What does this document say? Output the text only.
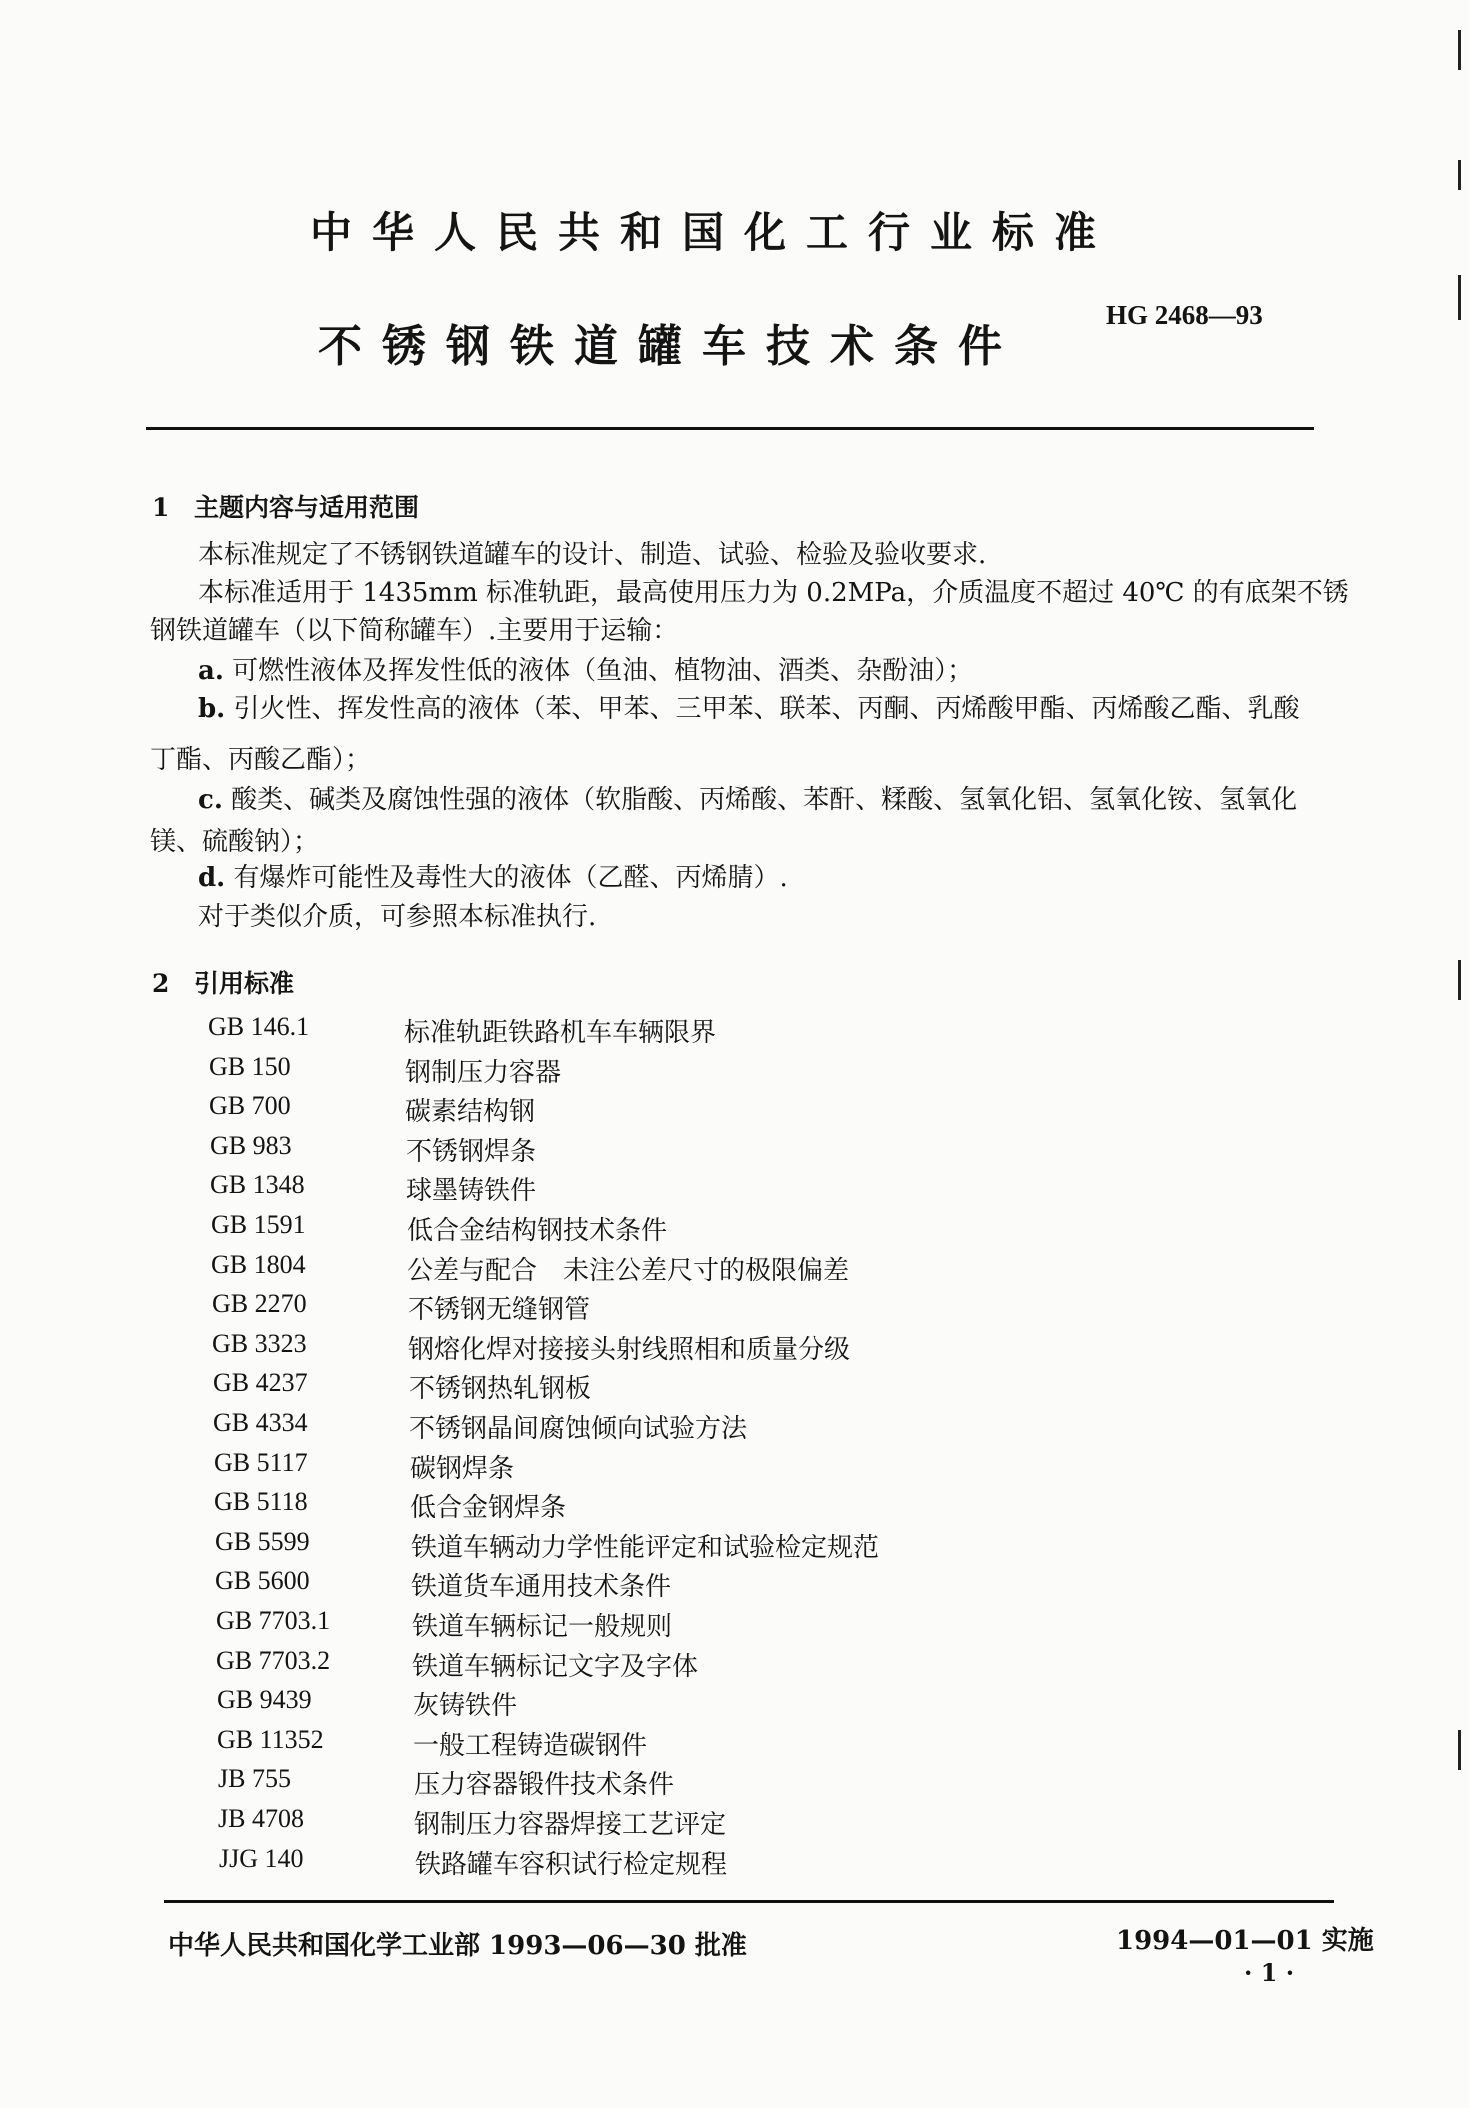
中华人民共和国化工行业标准
不锈钢铁道罐车技术条件
HG 2468—93
1 主题内容与适用范围
本标准规定了不锈钢铁道罐车的设计、制造、试验、检验及验收要求.
本标准适用于 1435mm 标准轨距，最高使用压力为 0.2MPa，介质温度不超过 40℃ 的有底架不锈
钢铁道罐车（以下简称罐车）.主要用于运输：
a. 可燃性液体及挥发性低的液体（鱼油、植物油、酒类、杂酚油）；
b. 引火性、挥发性高的液体（苯、甲苯、三甲苯、联苯、丙酮、丙烯酸甲酯、丙烯酸乙酯、乳酸
丁酯、丙酸乙酯）；
c. 酸类、碱类及腐蚀性强的液体（软脂酸、丙烯酸、苯酐、糅酸、氢氧化铝、氢氧化铵、氢氧化
镁、硫酸钠）；
d. 有爆炸可能性及毒性大的液体（乙醛、丙烯腈）.
对于类似介质，可参照本标准执行.
2 引用标准
GB 146.1	标准轨距铁路机车车辆限界
GB 150	钢制压力容器
GB 700	碳素结构钢
GB 983	不锈钢焊条
GB 1348	球墨铸铁件
GB 1591	低合金结构钢技术条件
GB 1804	公差与配合　未注公差尺寸的极限偏差
GB 2270	不锈钢无缝钢管
GB 3323	钢熔化焊对接接头射线照相和质量分级
GB 4237	不锈钢热轧钢板
GB 4334	不锈钢晶间腐蚀倾向试验方法
GB 5117	碳钢焊条
GB 5118	低合金钢焊条
GB 5599	铁道车辆动力学性能评定和试验检定规范
GB 5600	铁道货车通用技术条件
GB 7703.1	铁道车辆标记一般规则
GB 7703.2	铁道车辆标记文字及字体
GB 9439	灰铸铁件
GB 11352	一般工程铸造碳钢件
JB 755	压力容器锻件技术条件
JB 4708	钢制压力容器焊接工艺评定
JJG 140	铁路罐车容积试行检定规程
中华人民共和国化学工业部 1993—06—30 批准	1994—01—01 实施
· 1 ·
